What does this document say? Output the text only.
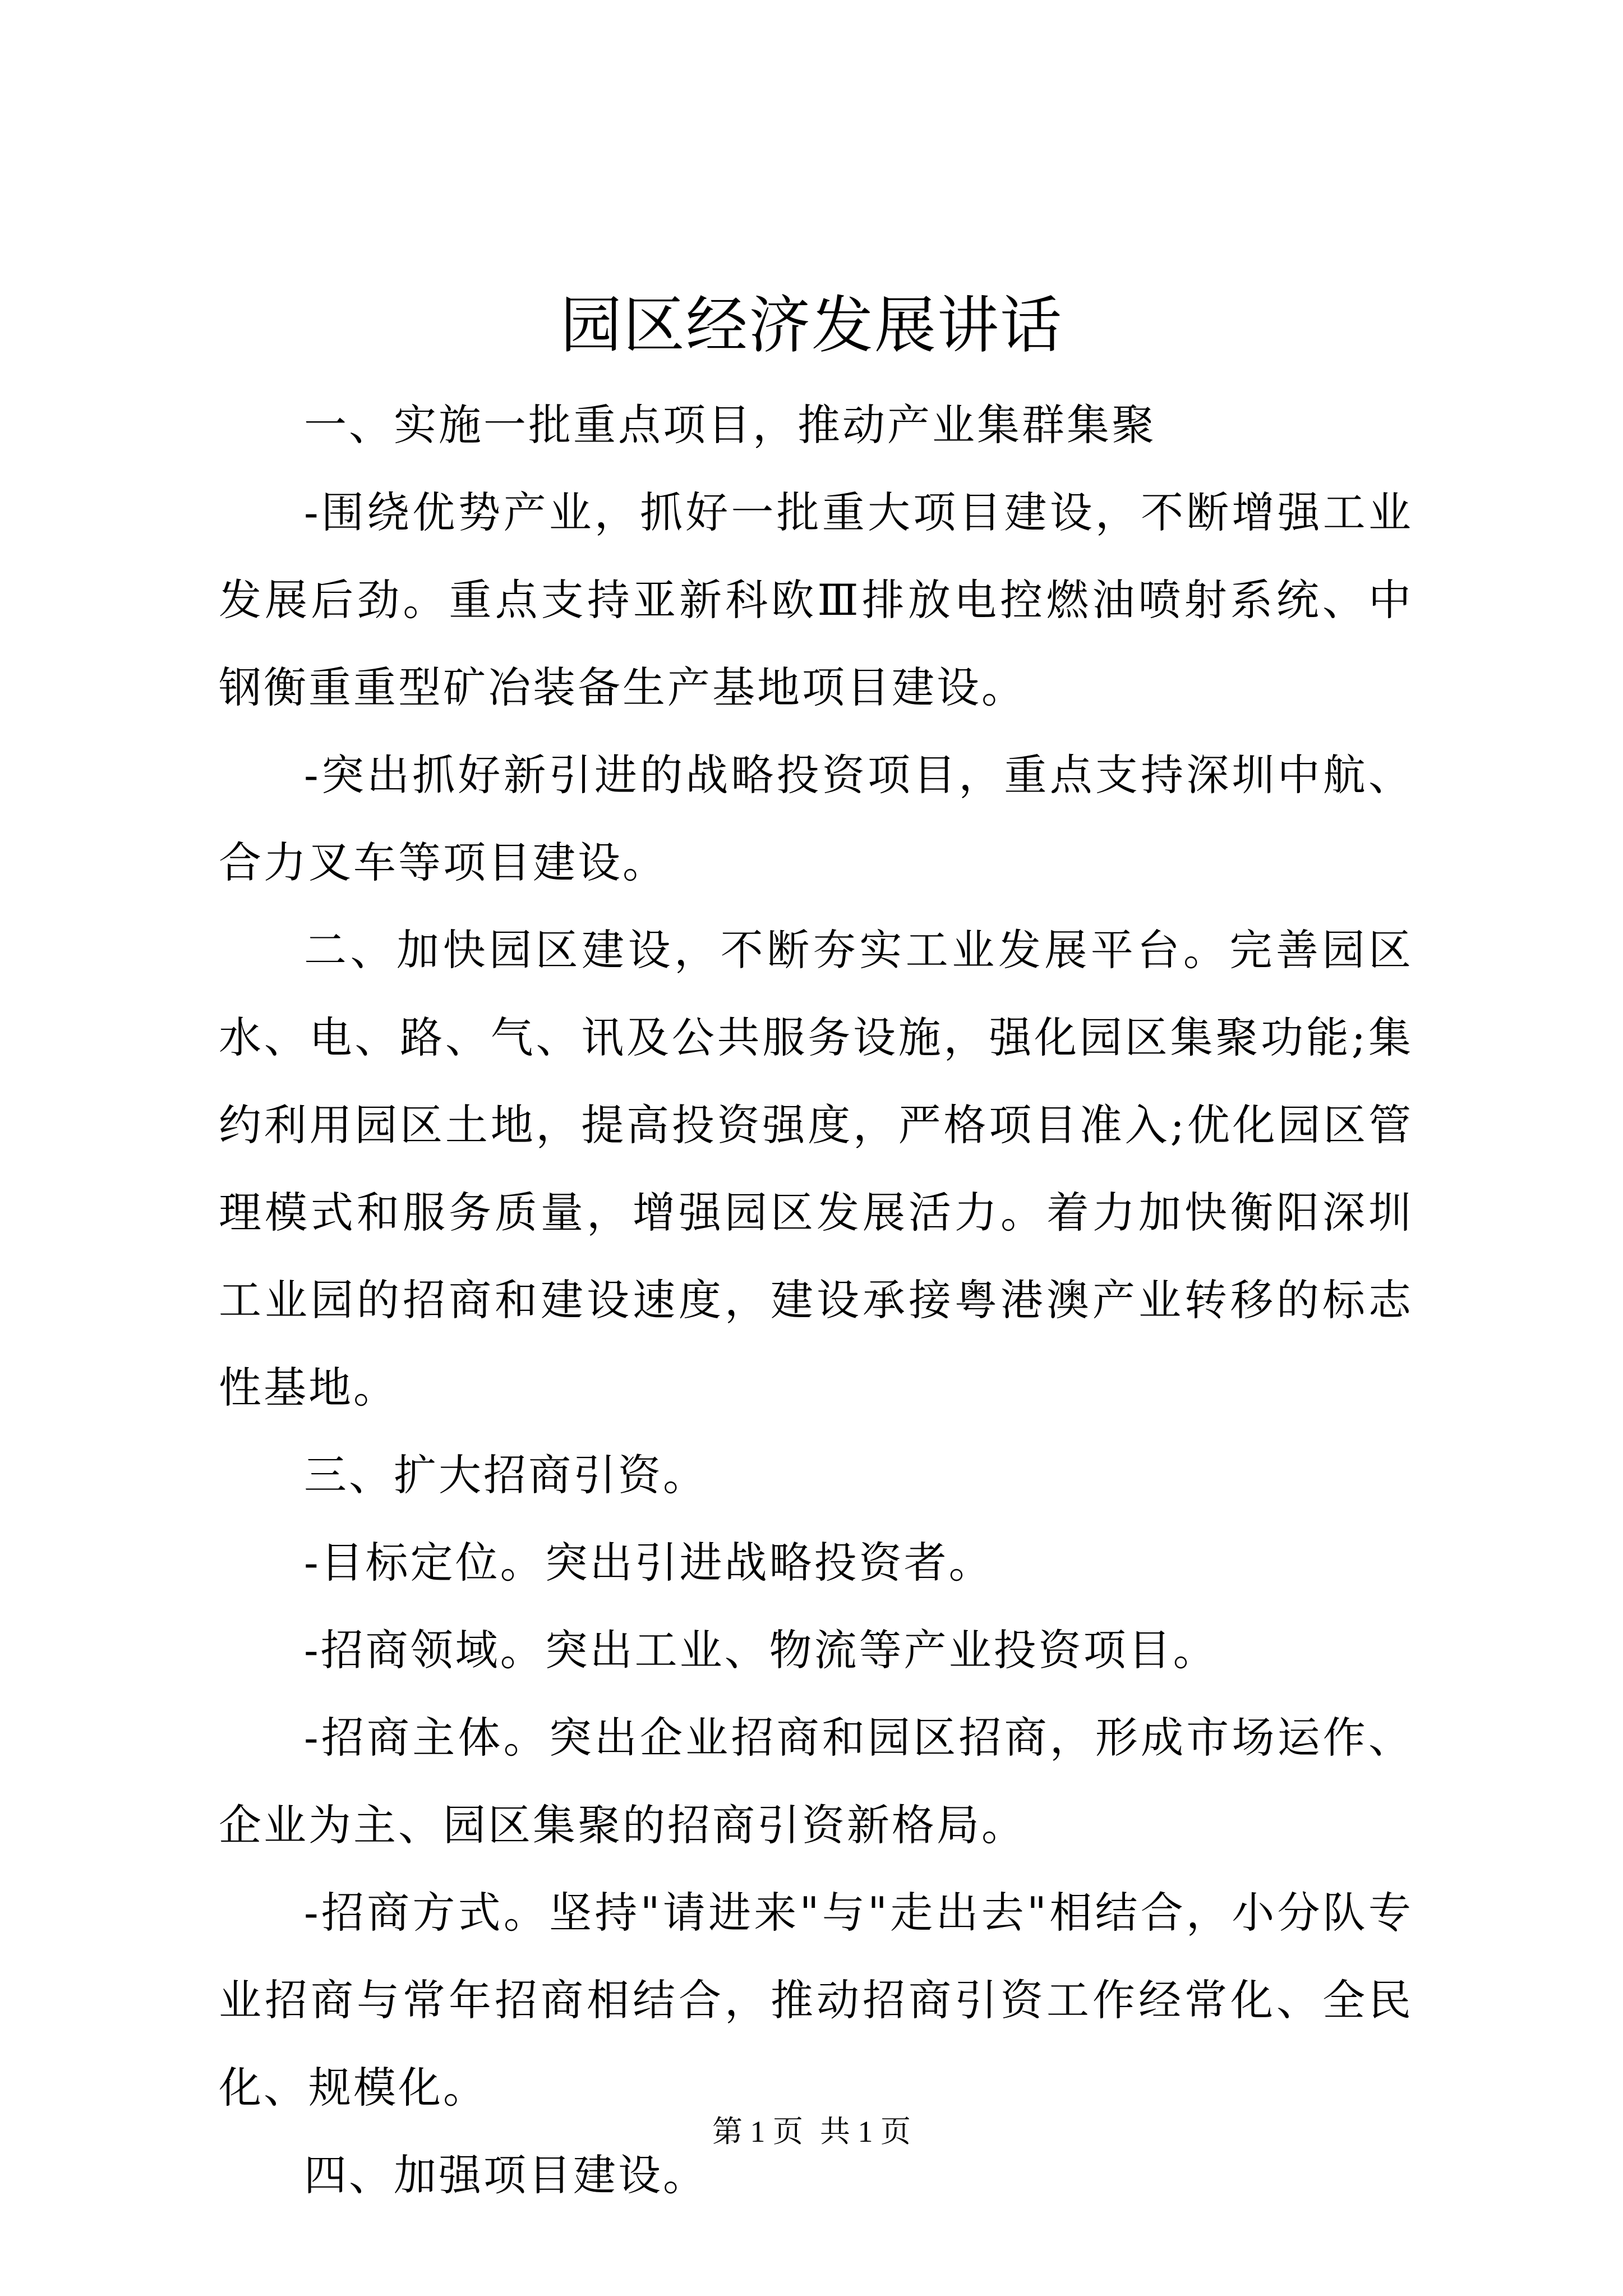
园区经济发展讲话

一、实施一批重点项目，推动产业集群集聚

-围绕优势产业，抓好一批重大项目建设，不断增强工业发展后劲。重点支持亚新科欧Ⅲ排放电控燃油喷射系统、中钢衡重重型矿冶装备生产基地项目建设。

-突出抓好新引进的战略投资项目，重点支持深圳中航、合力叉车等项目建设。

二、加快园区建设，不断夯实工业发展平台。完善园区水、电、路、气、讯及公共服务设施，强化园区集聚功能;集约利用园区土地，提高投资强度，严格项目准入;优化园区管理模式和服务质量，增强园区发展活力。着力加快衡阳深圳工业园的招商和建设速度，建设承接粤港澳产业转移的标志性基地。

三、扩大招商引资。

-目标定位。突出引进战略投资者。

-招商领域。突出工业、物流等产业投资项目。

-招商主体。突出企业招商和园区招商，形成市场运作、企业为主、园区集聚的招商引资新格局。

-招商方式。坚持"请进来"与"走出去"相结合，小分队专业招商与常年招商相结合，推动招商引资工作经常化、全民化、规模化。

四、加强项目建设。

第 1 页 共 1 页
